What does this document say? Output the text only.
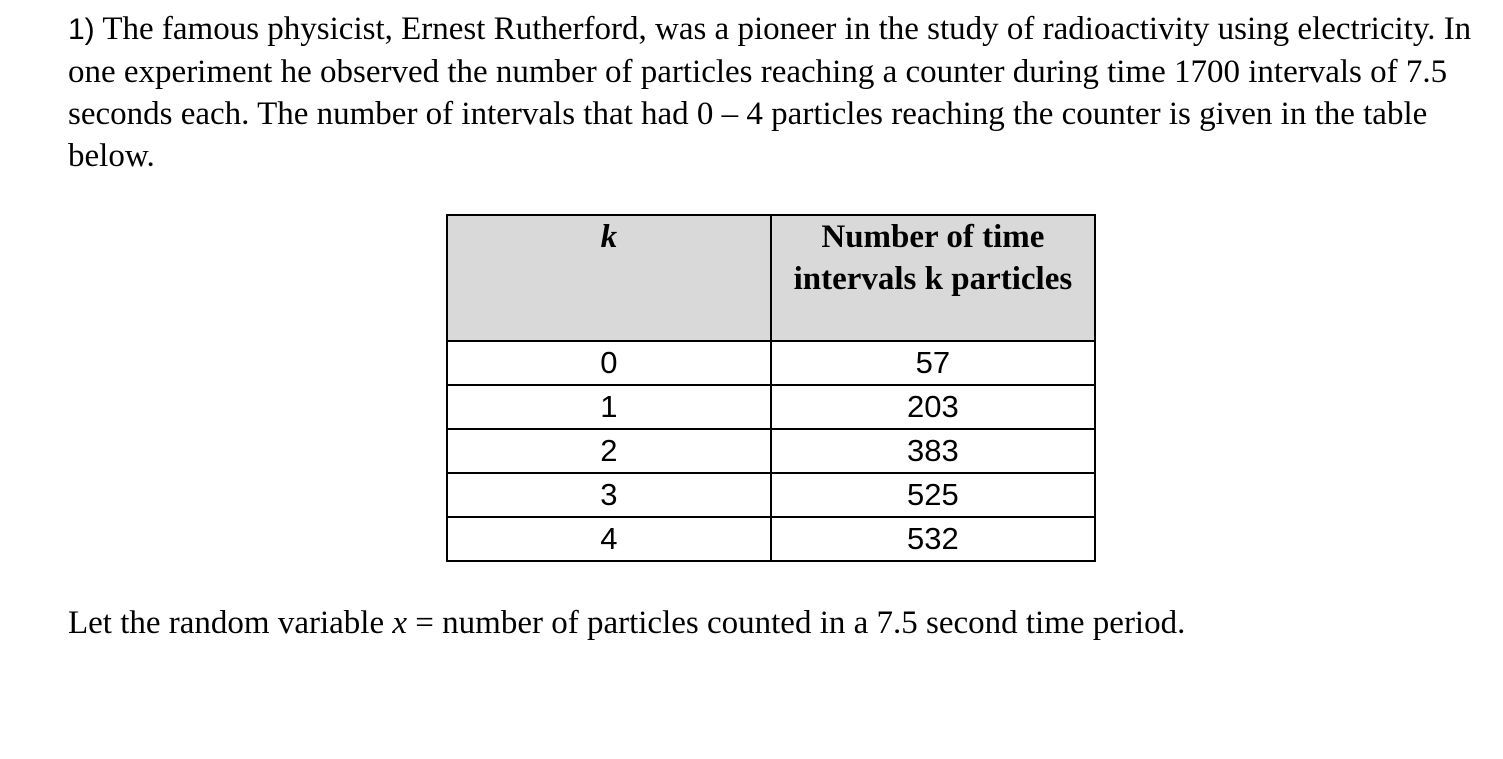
1) The famous physicist, Ernest Rutherford, was a pioneer in the study of radioactivity using electricity. In one experiment he observed the number of particles reaching a counter during time 1700 intervals of 7.5 seconds each. The number of intervals that had 0 – 4 particles reaching the counter is given in the table below.

k	Number of time intervals k particles
0	57
1	203
2	383
3	525
4	532

Let the random variable x = number of particles counted in a 7.5 second time period.
